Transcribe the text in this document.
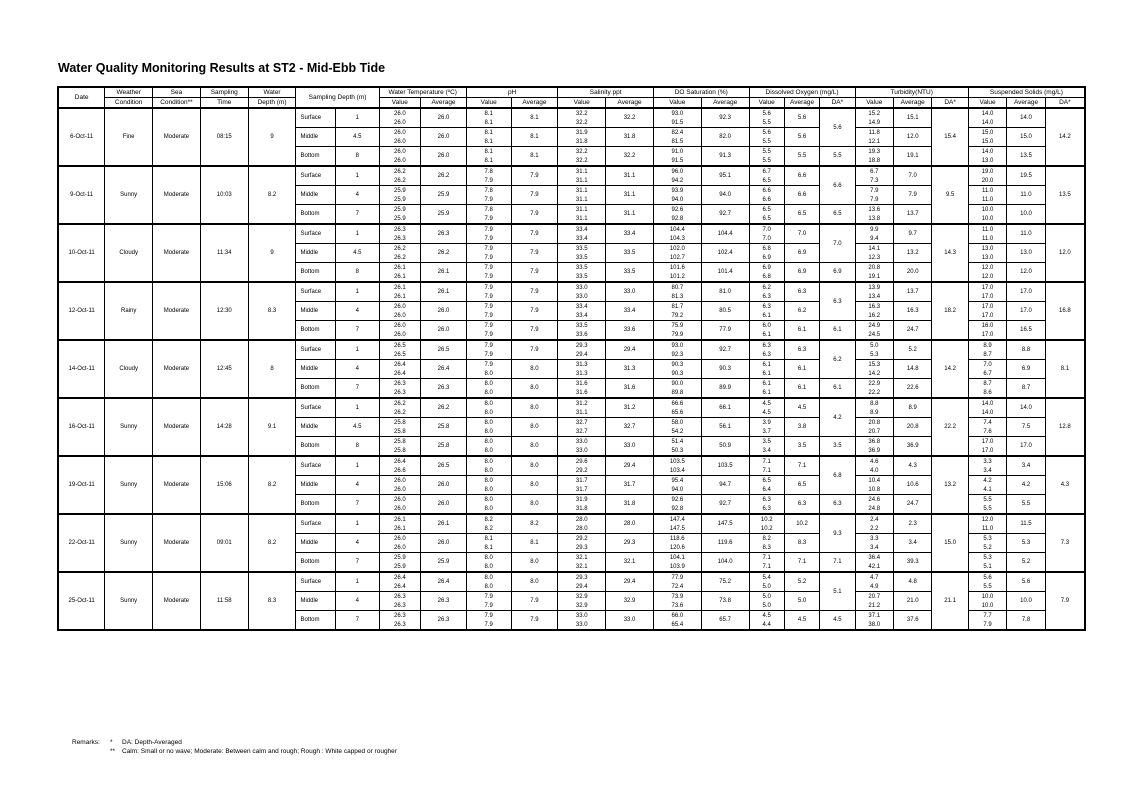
Water Quality Monitoring Results at ST2 - Mid-Ebb Tide
Date	Weather	Sea	Sampling	Water	Sampling Depth (m)		Water Temperature (ºC)		pH		Salinity ppt		DO Saturation (%)		Dissolved Oxygen (mg/L)			Turbidity(NTU)			Suspended Solids (mg/L)		
	Condition	Condition**	Time	Depth (m)			Value	Average	Value	Average	Value	Average	Value	Average	Value	Average	DA*	Value	Average	DA*	Value	Average	DA*
6-Oct-11	Fine	Moderate	08:15	9	Surface	1	26.0	26.0	8.1	8.1	32.2	32.2	93.0	92.3	5.6	5.6	5.6	15.2	15.1	15.4	14.0	14.0	14.2
							26.0		8.1		32.2		91.5		5.5			14.9			14.0		
					Middle	4.5	26.0	26.0	8.1	8.1	31.9	31.8	82.4	82.0	5.6	5.6		11.8	12.0		15.0	15.0	
							26.0		8.1		31.8		81.5		5.5			12.1			15.0		
					Bottom	8	26.0	26.0	8.1	8.1	32.2	32.2	91.0	91.3	5.5	5.5	5.5	19.3	19.1		14.0	13.5	
							26.0		8.1		32.2		91.5		5.5			18.8			13.0		
9-Oct-11	Sunny	Moderate	10:03	8.2	Surface	1	26.2	26.2	7.8	7.9	31.1	31.1	96.0	95.1	6.7	6.6	6.6	6.7	7.0	9.5	19.0	19.5	13.5
							26.2		7.9		31.1		94.2		6.5			7.3			20.0		
					Middle	4	25.9	25.9	7.8	7.9	31.1	31.1	93.9	94.0	6.6	6.6		7.9	7.9		11.0	11.0	
							25.9		7.9		31.1		94.0		6.6			7.9			11.0		
					Bottom	7	25.9	25.9	7.8	7.9	31.1	31.1	92.6	92.7	6.5	6.5	6.5	13.6	13.7		10.0	10.0	
							25.9		7.9		31.1		92.8		6.5			13.8			10.0		
10-Oct-11	Cloudy	Moderate	11:34	9	Surface	1	26.3	26.3	7.9	7.9	33.4	33.4	104.4	104.4	7.0	7.0	7.0	9.9	9.7	14.3	11.0	11.0	12.0
							26.3		7.9		33.4		104.3		7.0			9.4			11.0		
					Middle	4.5	26.2	26.2	7.9	7.9	33.5	33.5	102.0	102.4	6.8	6.9		14.1	13.2		13.0	13.0	
							26.2		7.9		33.5		102.7		6.9			12.3			13.0		
					Bottom	8	26.1	26.1	7.9	7.9	33.5	33.5	101.6	101.4	6.9	6.9	6.9	20.8	20.0		12.0	12.0	
							26.1		7.9		33.5		101.2		6.8			19.1			12.0		
12-Oct-11	Rainy	Moderate	12:30	8.3	Surface	1	26.1	26.1	7.9	7.9	33.0	33.0	80.7	81.0	6.2	6.3	6.3	13.9	13.7	18.2	17.0	17.0	16.8
							26.1		7.9		33.0		81.3		6.3			13.4			17.0		
					Middle	4	26.0	26.0	7.9	7.9	33.4	33.4	81.7	80.5	6.3	6.2		16.3	16.3		17.0	17.0	
							26.0		7.9		33.4		79.2		6.1			16.2			17.0		
					Bottom	7	26.0	26.0	7.9	7.9	33.5	33.6	75.9	77.9	6.0	6.1	6.1	24.9	24.7		16.0	16.5	
							26.0		7.9		33.6		79.9		6.1			24.5			17.0		
14-Oct-11	Cloudy	Moderate	12:45	8	Surface	1	26.5	26.5	7.9	7.9	29.3	29.4	93.0	92.7	6.3	6.3	6.2	5.0	5.2	14.2	8.9	8.8	8.1
							26.5		7.9		29.4		92.3		6.3			5.3			8.7		
					Middle	4	26.4	26.4	7.9	8.0	31.3	31.3	90.3	90.3	6.1	6.1		15.3	14.8		7.0	6.9	
							26.4		8.0		31.3		90.3		6.1			14.2			6.7		
					Bottom	7	26.3	26.3	8.0	8.0	31.6	31.6	90.0	89.9	6.1	6.1	6.1	22.9	22.6		8.7	8.7	
							26.3		8.0		31.6		89.8		6.1			22.2			8.6		
16-Oct-11	Sunny	Moderate	14:28	9.1	Surface	1	26.2	26.2	8.0	8.0	31.2	31.2	66.6	66.1	4.5	4.5	4.2	8.8	8.9	22.2	14.0	14.0	12.8
							26.2		8.0		31.1		65.6		4.5			8.9			14.0		
					Middle	4.5	25.8	25.8	8.0	8.0	32.7	32.7	58.0	56.1	3.9	3.8		20.8	20.8		7.4	7.5	
							25.8		8.0		32.7		54.2		3.7			20.7			7.6		
					Bottom	8	25.8	25.8	8.0	8.0	33.0	33.0	51.4	50.9	3.5	3.5	3.5	36.8	36.9		17.0	17.0	
							25.8		8.0		33.0		50.3		3.4			36.9			17.0		
19-Oct-11	Sunny	Moderate	15:06	8.2	Surface	1	26.4	26.5	8.0	8.0	29.6	29.4	103.5	103.5	7.1	7.1	6.8	4.6	4.3	13.2	3.3	3.4	4.3
							26.6		8.0		29.2		103.4		7.1			4.0			3.4		
					Middle	4	26.0	26.0	8.0	8.0	31.7	31.7	95.4	94.7	6.5	6.5		10.4	10.6		4.2	4.2	
							26.0		8.0		31.7		94.0		6.4			10.8			4.1		
					Bottom	7	26.0	26.0	8.0	8.0	31.9	31.8	92.6	92.7	6.3	6.3	6.3	24.6	24.7		5.5	5.5	
							26.0		8.0		31.8		92.8		6.3			24.8			5.5		
22-Oct-11	Sunny	Moderate	09:01	8.2	Surface	1	26.1	26.1	8.2	8.2	28.0	28.0	147.4	147.5	10.2	10.2	9.3	2.4	2.3	15.0	12.0	11.5	7.3
							26.1		8.2		28.0		147.5		10.2			2.2			11.0		
					Middle	4	26.0	26.0	8.1	8.1	29.2	29.3	118.6	119.6	8.2	8.3		3.3	3.4		5.3	5.3	
							26.0		8.1		29.3		120.6		8.3			3.4			5.2		
					Bottom	7	25.9	25.9	8.0	8.0	32.1	32.1	104.1	104.0	7.1	7.1	7.1	36.4	39.3		5.3	5.2	
							25.9		8.0		32.1		103.9		7.1			42.1			5.1		
25-Oct-11	Sunny	Moderate	11:58	8.3	Surface	1	26.4	26.4	8.0	8.0	29.3	29.4	77.9	75.2	5.4	5.2	5.1	4.7	4.8	21.1	5.6	5.6	7.9
							26.4		8.0		29.4		72.4		5.0			4.9			5.5		
					Middle	4	26.3	26.3	7.9	7.9	32.9	32.9	73.9	73.8	5.0	5.0		20.7	21.0		10.0	10.0	
							26.3		7.9		32.9		73.6		5.0			21.2			10.0		
					Bottom	7	26.3	26.3	7.9	7.9	33.0	33.0	66.0	65.7	4.5	4.5	4.5	37.1	37.6		7.7	7.8	
							26.3		7.9		33.0		65.4		4.4			38.0			7.9		
Remarks: * DA: Depth-Averaged
** Calm: Small or no wave; Moderate: Between calm and rough; Rough : White capped or rougher
